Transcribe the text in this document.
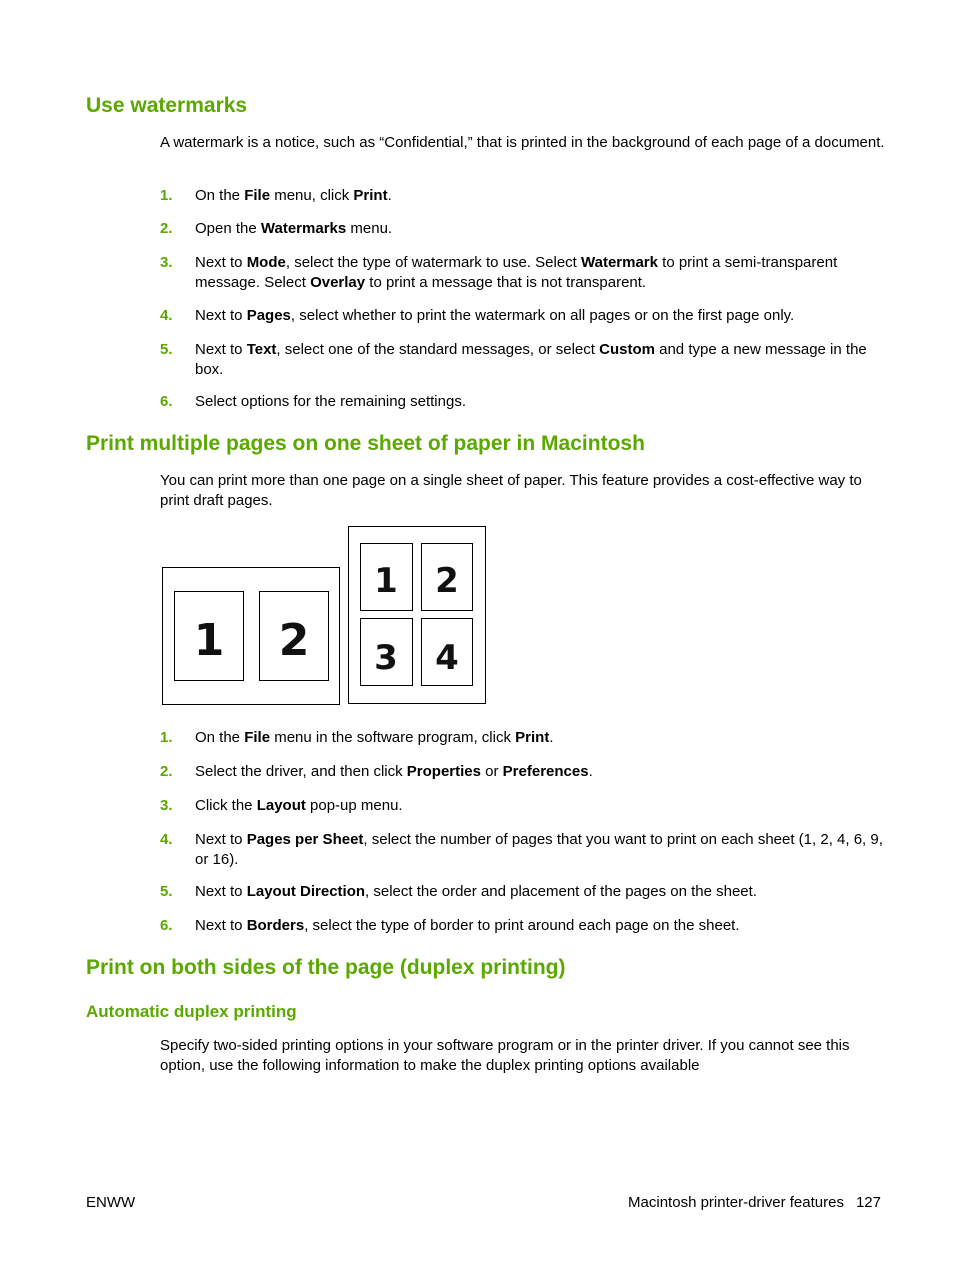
Use watermarks

A watermark is a notice, such as “Confidential,” that is printed in the background of each page of a document.

1.	On the File menu, click Print.
2.	Open the Watermarks menu.
3.	Next to Mode, select the type of watermark to use. Select Watermark to print a semi-transparent message. Select Overlay to print a message that is not transparent.
4.	Next to Pages, select whether to print the watermark on all pages or on the first page only.
5.	Next to Text, select one of the standard messages, or select Custom and type a new message in the box.
6.	Select options for the remaining settings.
Print multiple pages on one sheet of paper in Macintosh

You can print more than one page on a single sheet of paper. This feature provides a cost-effective way to print draft pages.

1 2
1 2
3 4
1.	On the File menu in the software program, click Print.
2.	Select the driver, and then click Properties or Preferences.
3.	Click the Layout pop-up menu.
4.	Next to Pages per Sheet, select the number of pages that you want to print on each sheet (1, 2, 4, 6, 9, or 16).
5.	Next to Layout Direction, select the order and placement of the pages on the sheet.
6.	Next to Borders, select the type of border to print around each page on the sheet.
Print on both sides of the page (duplex printing)
Automatic duplex printing

Specify two-sided printing options in your software program or in the printer driver. If you cannot see this option, use the following information to make the duplex printing options available

ENWW	Macintosh printer-driver features 127
